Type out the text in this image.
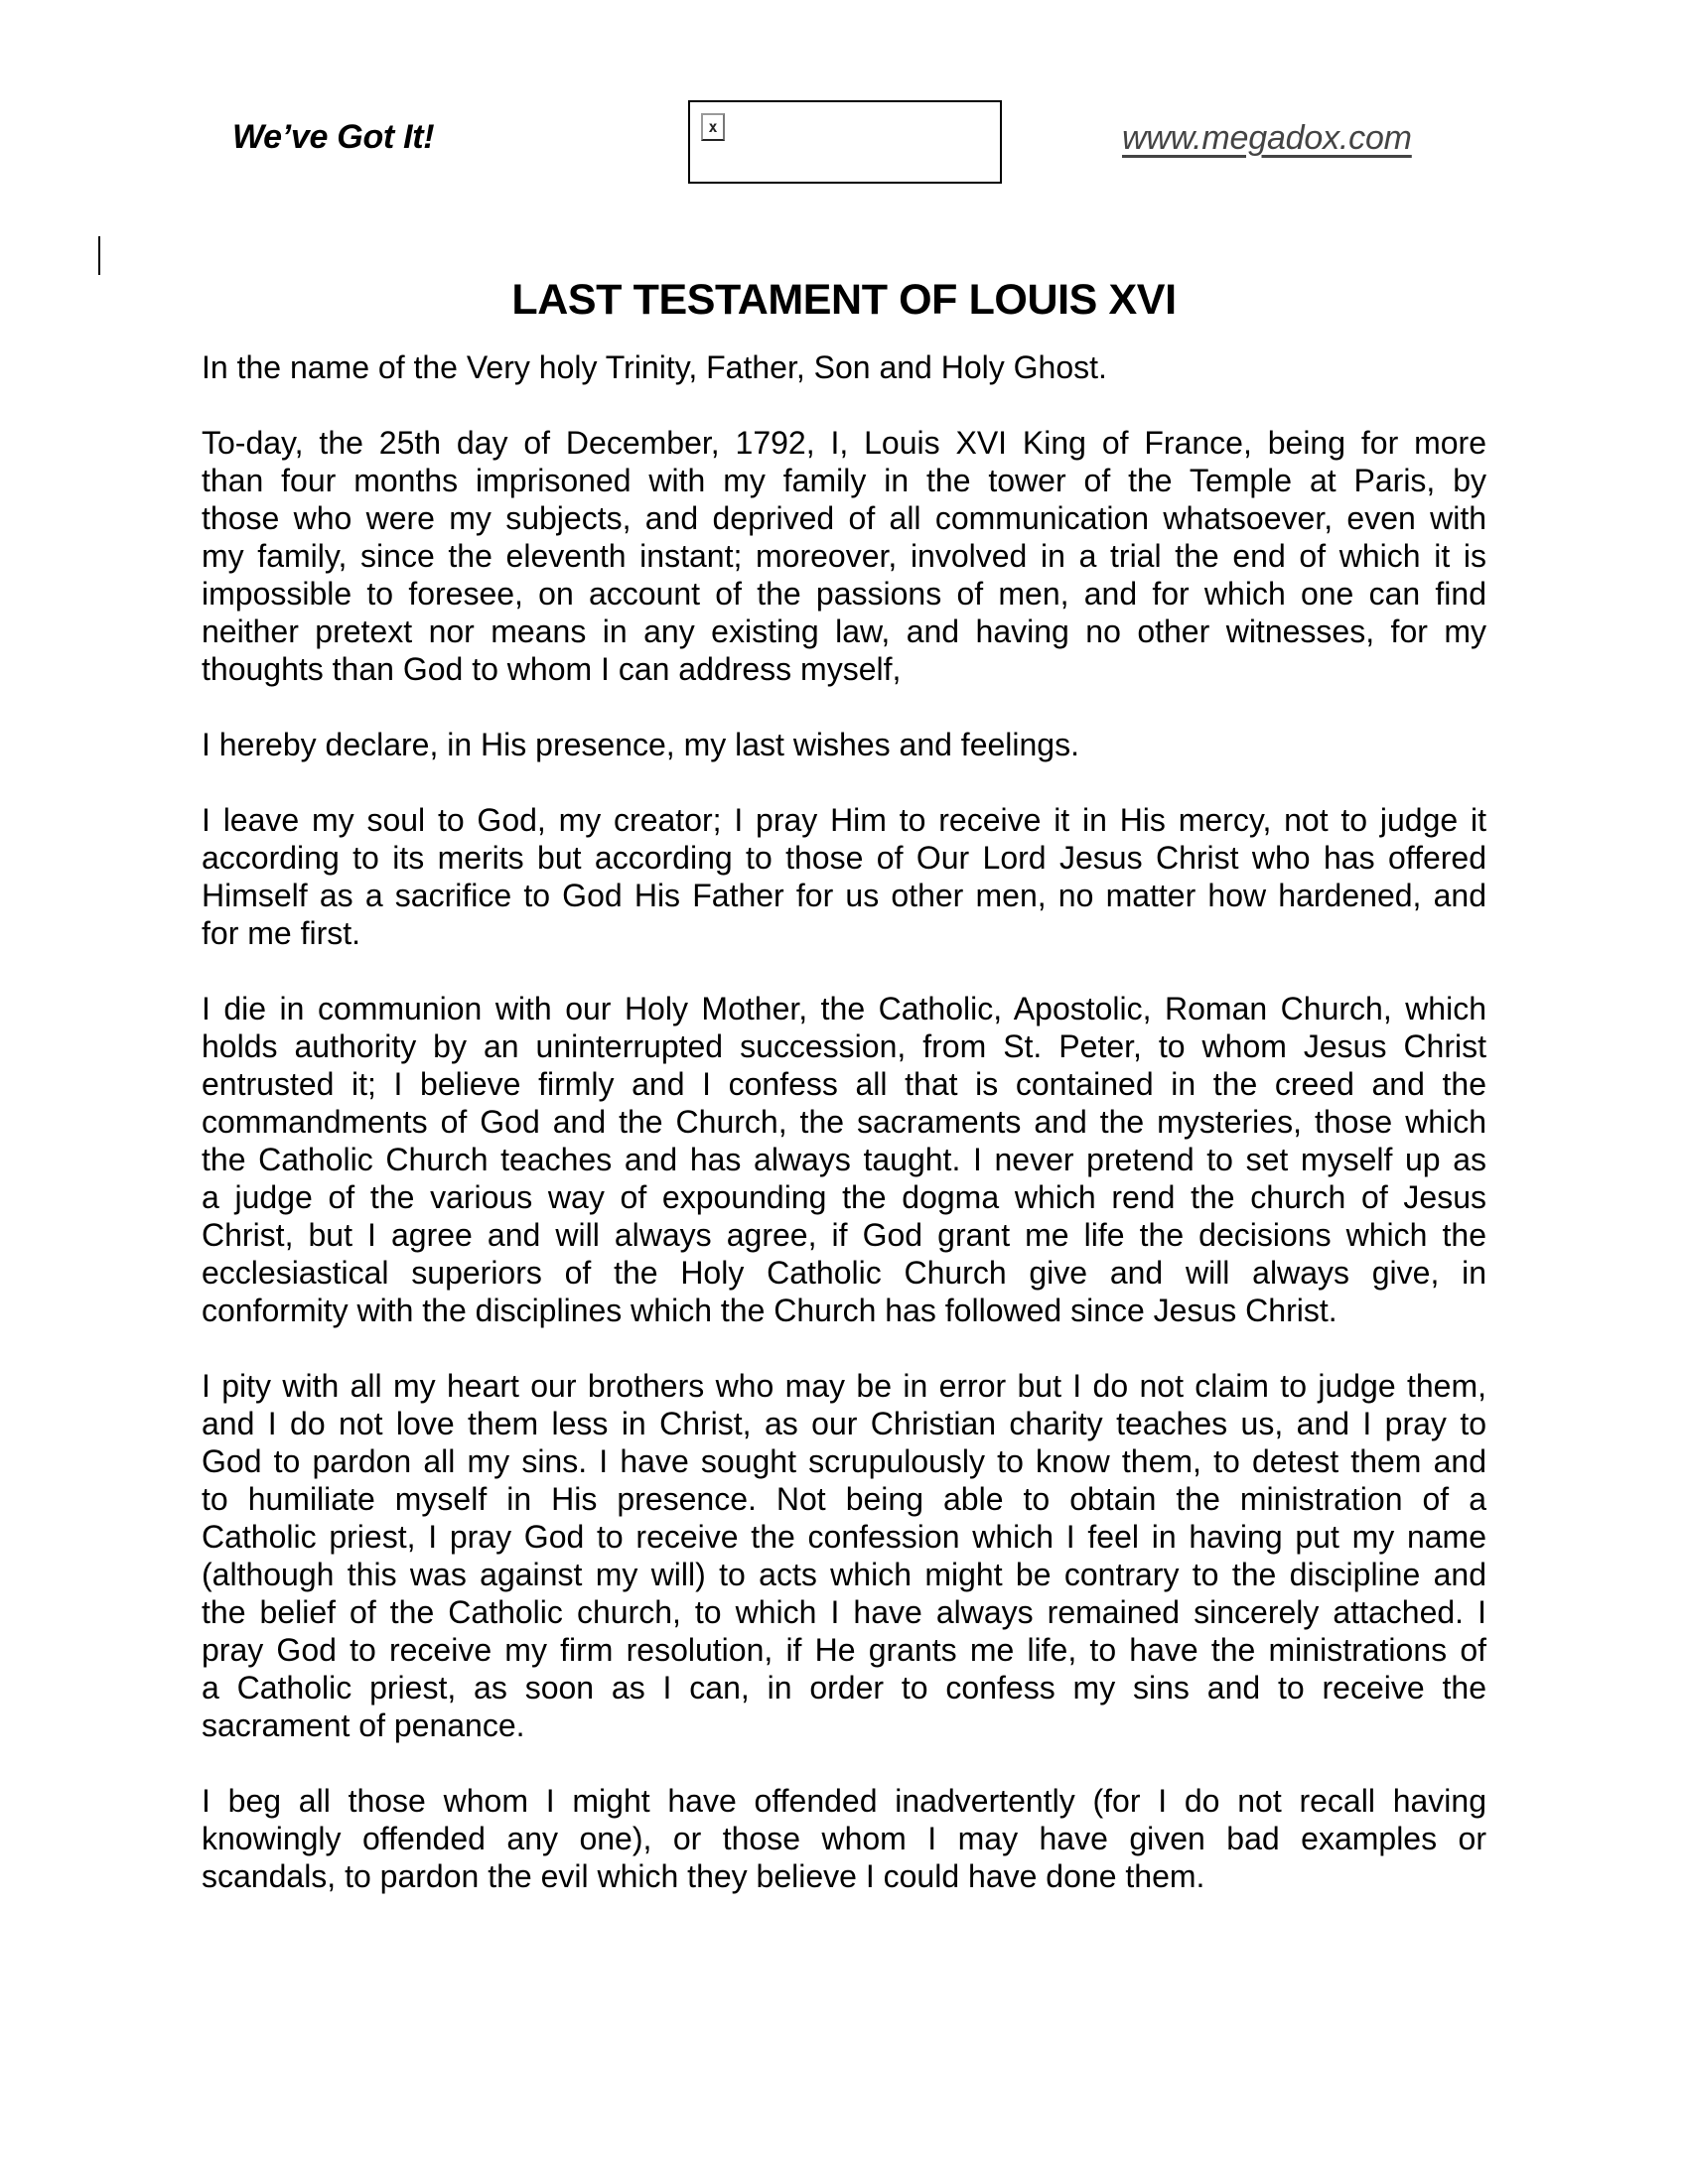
We’ve Got It!	x	www.megadox.com
LAST TESTAMENT OF LOUIS XVI
In the name of the Very holy Trinity, Father, Son and Holy Ghost.
To-day, the 25th day of December, 1792, I, Louis XVI King of France, being for more
than four months imprisoned with my family in the tower of the Temple at Paris, by
those who were my subjects, and deprived of all communication whatsoever, even with
my family, since the eleventh instant; moreover, involved in a trial the end of which it is
impossible to foresee, on account of the passions of men, and for which one can find
neither pretext nor means in any existing law, and having no other witnesses, for my
thoughts than God to whom I can address myself,
I hereby declare, in His presence, my last wishes and feelings.
I leave my soul to God, my creator; I pray Him to receive it in His mercy, not to judge it
according to its merits but according to those of Our Lord Jesus Christ who has offered
Himself as a sacrifice to God His Father for us other men, no matter how hardened, and
for me first.
I die in communion with our Holy Mother, the Catholic, Apostolic, Roman Church, which
holds authority by an uninterrupted succession, from St. Peter, to whom Jesus Christ
entrusted it; I believe firmly and I confess all that is contained in the creed and the
commandments of God and the Church, the sacraments and the mysteries, those which
the Catholic Church teaches and has always taught. I never pretend to set myself up as
a judge of the various way of expounding the dogma which rend the church of Jesus
Christ, but I agree and will always agree, if God grant me life the decisions which the
ecclesiastical superiors of the Holy Catholic Church give and will always give, in
conformity with the disciplines which the Church has followed since Jesus Christ.
I pity with all my heart our brothers who may be in error but I do not claim to judge them,
and I do not love them less in Christ, as our Christian charity teaches us, and I pray to
God to pardon all my sins. I have sought scrupulously to know them, to detest them and
to humiliate myself in His presence. Not being able to obtain the ministration of a
Catholic priest, I pray God to receive the confession which I feel in having put my name
(although this was against my will) to acts which might be contrary to the discipline and
the belief of the Catholic church, to which I have always remained sincerely attached. I
pray God to receive my firm resolution, if He grants me life, to have the ministrations of
a Catholic priest, as soon as I can, in order to confess my sins and to receive the
sacrament of penance.
I beg all those whom I might have offended inadvertently (for I do not recall having
knowingly offended any one), or those whom I may have given bad examples or
scandals, to pardon the evil which they believe I could have done them.
